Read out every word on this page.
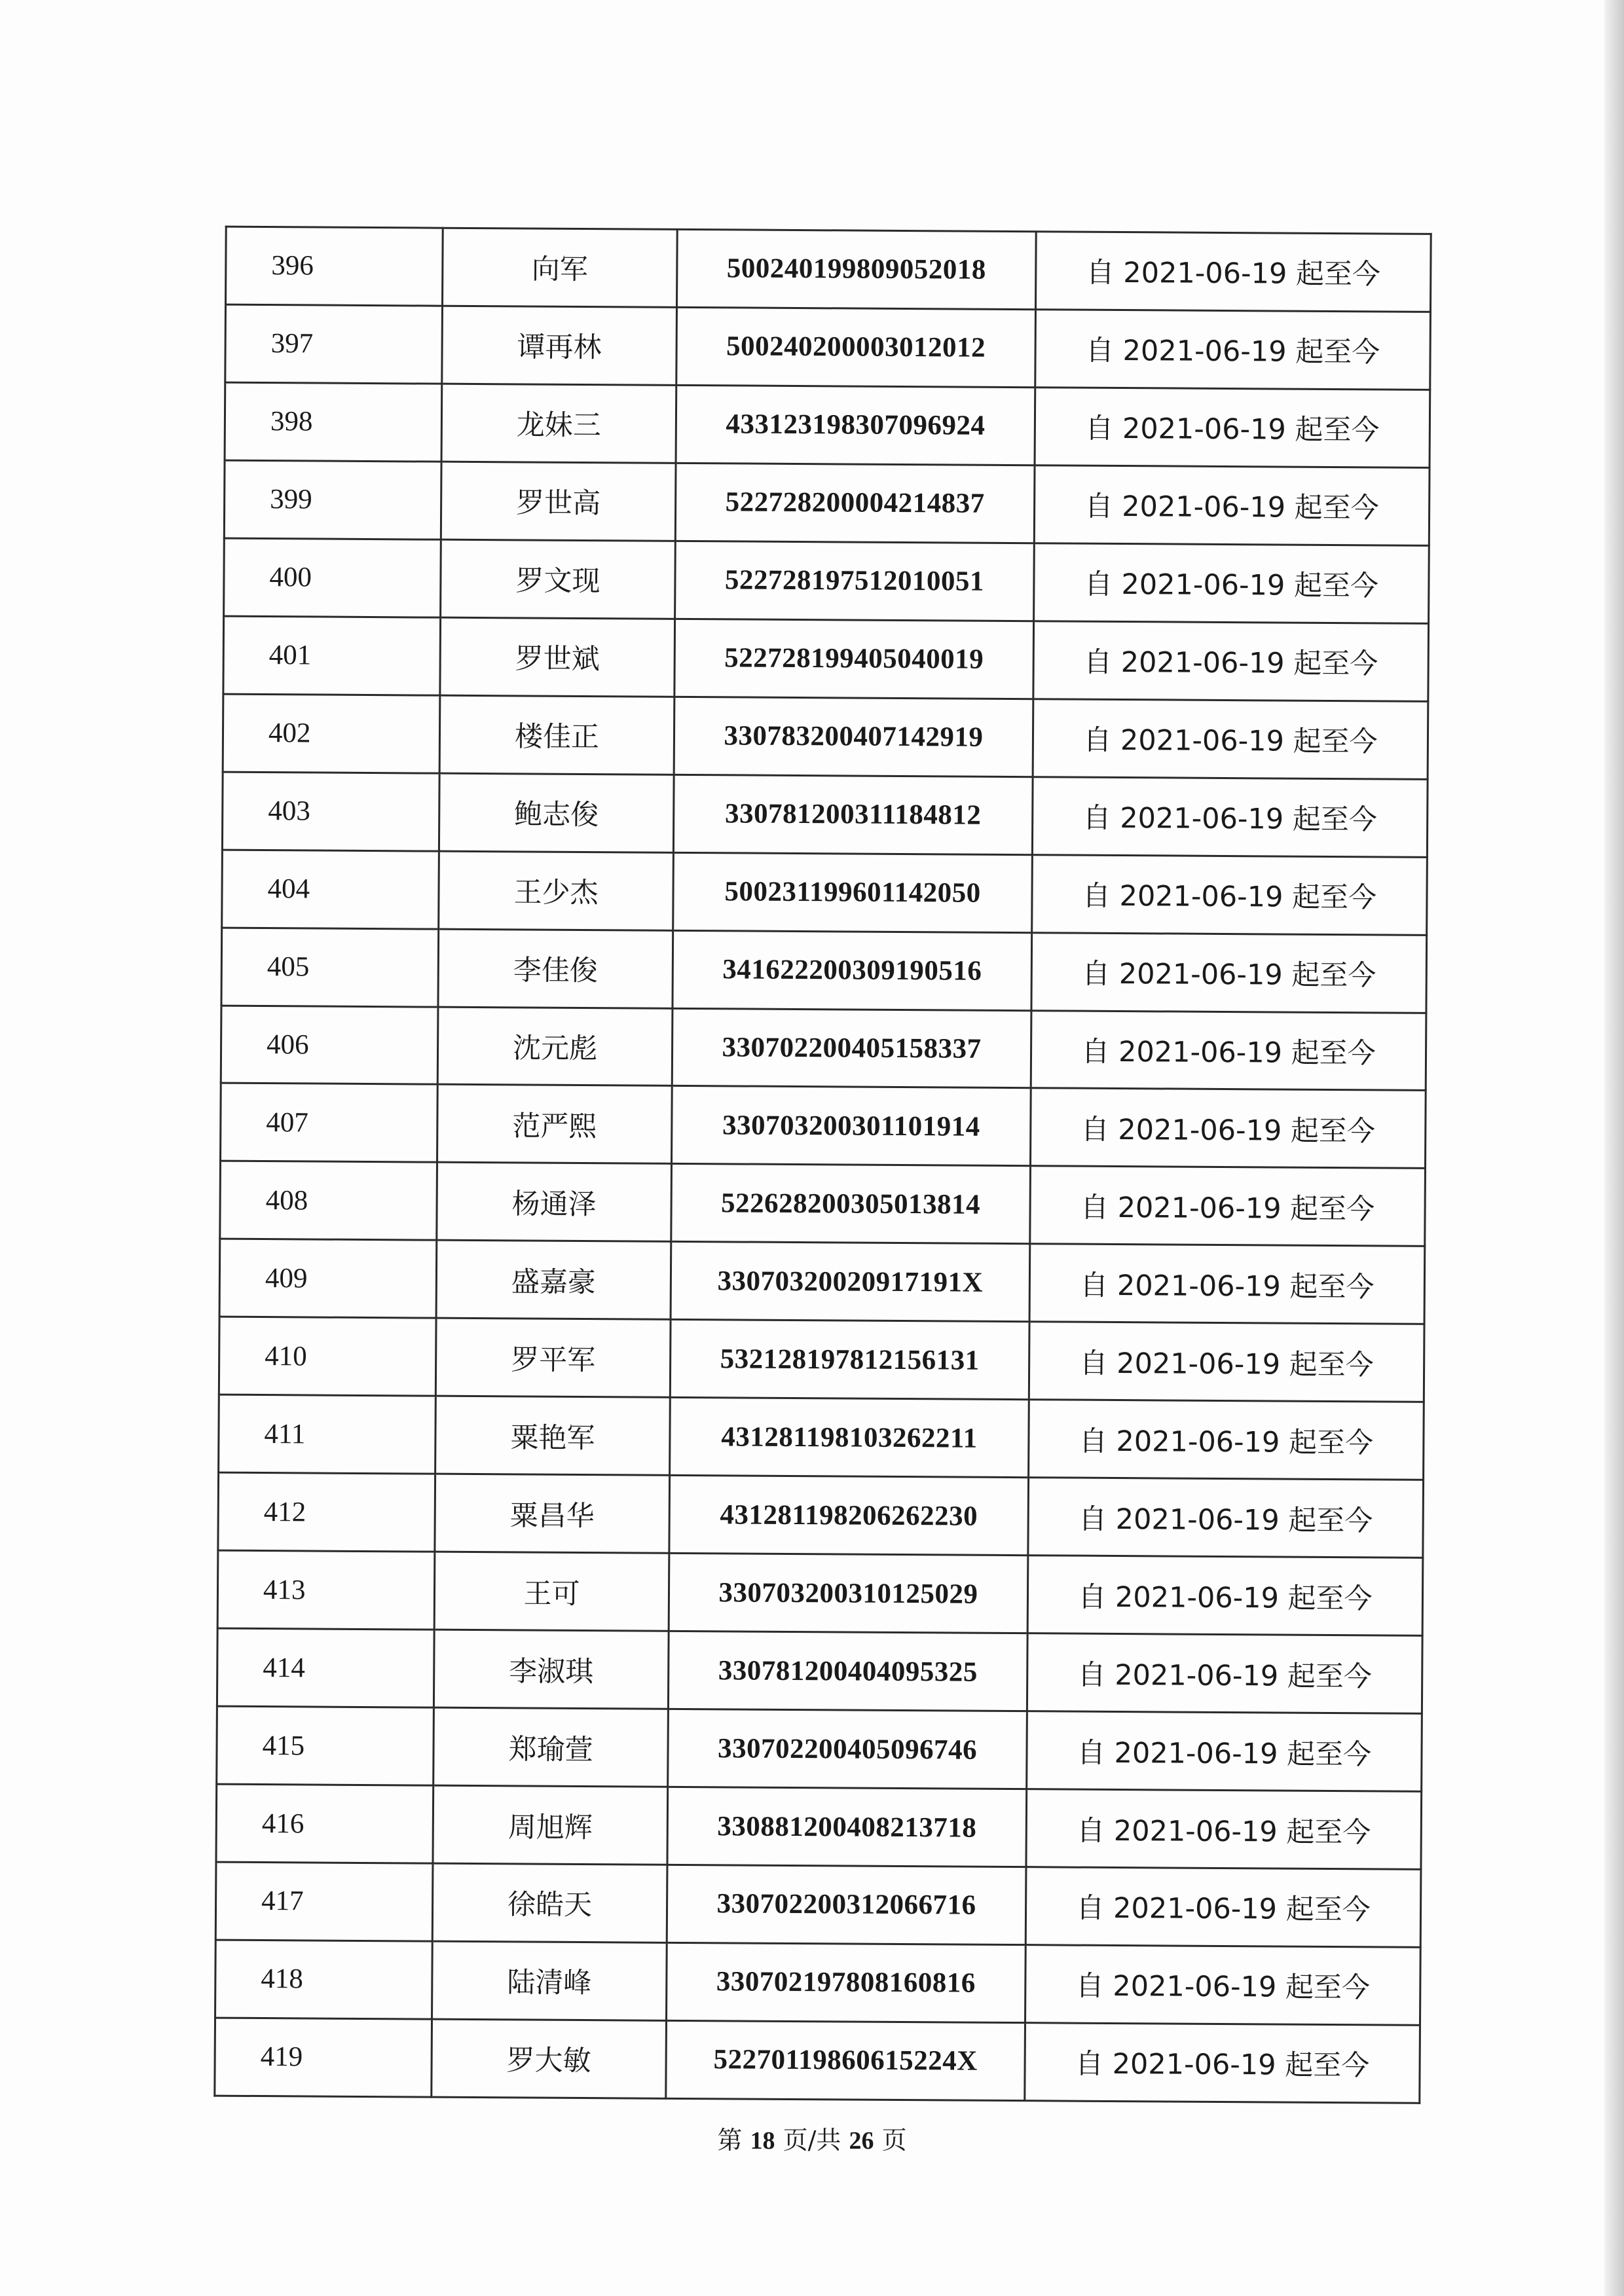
396	向军	500240199809052018	自 2021-06-19 起至今
397	谭再林	500240200003012012	自 2021-06-19 起至今
398	龙妹三	433123198307096924	自 2021-06-19 起至今
399	罗世高	522728200004214837	自 2021-06-19 起至今
400	罗文现	522728197512010051	自 2021-06-19 起至今
401	罗世斌	522728199405040019	自 2021-06-19 起至今
402	楼佳正	330783200407142919	自 2021-06-19 起至今
403	鲍志俊	330781200311184812	自 2021-06-19 起至今
404	王少杰	500231199601142050	自 2021-06-19 起至今
405	李佳俊	341622200309190516	自 2021-06-19 起至今
406	沈元彪	330702200405158337	自 2021-06-19 起至今
407	范严熙	330703200301101914	自 2021-06-19 起至今
408	杨通泽	522628200305013814	自 2021-06-19 起至今
409	盛嘉豪	33070320020917191X	自 2021-06-19 起至今
410	罗平军	532128197812156131	自 2021-06-19 起至今
411	粟艳军	431281198103262211	自 2021-06-19 起至今
412	粟昌华	431281198206262230	自 2021-06-19 起至今
413	王可	330703200310125029	自 2021-06-19 起至今
414	李淑琪	330781200404095325	自 2021-06-19 起至今
415	郑瑜萱	330702200405096746	自 2021-06-19 起至今
416	周旭辉	330881200408213718	自 2021-06-19 起至今
417	徐皓天	330702200312066716	自 2021-06-19 起至今
418	陆清峰	330702197808160816	自 2021-06-19 起至今
419	罗大敏	52270119860615224X	自 2021-06-19 起至今
第 18 页/共 26 页
